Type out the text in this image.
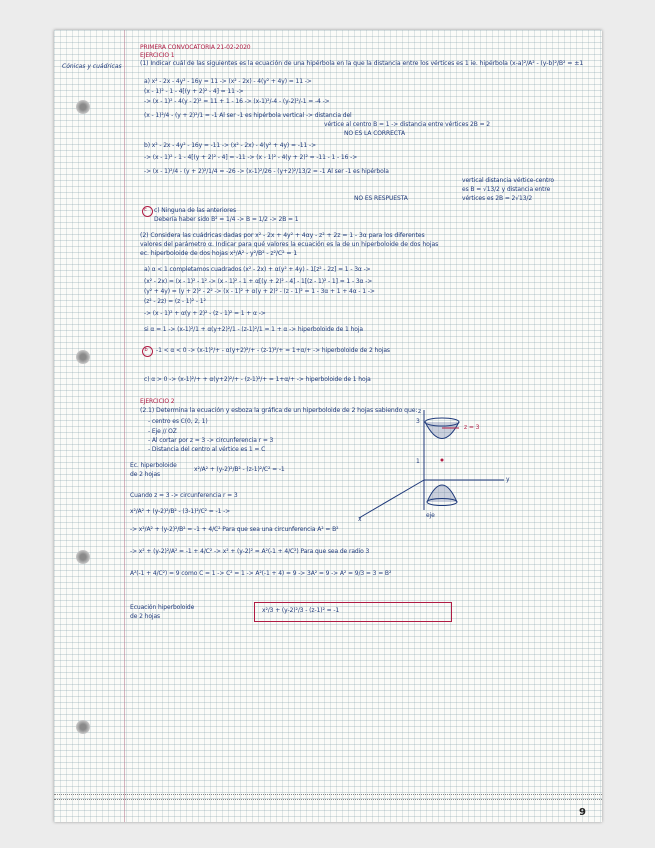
Cónicas y cuádricas
PRIMERA CONVOCATORIA 21-02-2020
EJERCICIO 1
(1) Indicar cuál de las siguientes es la ecuación de una hipérbola en la que la distancia entre los vértices es 1 ie. hipérbola (x-a)²/A² - (y-b)²/B² = ±1
a) x² - 2x - 4y² - 16y = 11 -> (x² - 2x) - 4(y² + 4y) = 11 ->
(x - 1)² - 1 - 4[(y + 2)² - 4] = 11 ->
-> (x - 1)² - 4(y - 2)² = 11 + 1 - 16 -> (x-1)²/-4 - (y-2)²/-1 = -4 ->
(x - 1)²/4 - (y + 2)²/1 = -1 Al ser -1 es hipérbola vertical -> distancia del
vértice al centro B = 1 -> distancia entre vértices 2B = 2
NO ES LA CORRECTA
b) x² - 2x - 4y² - 16y = -11 -> (x² - 2x) - 4(y² + 4y) = -11 ->
-> (x - 1)² - 1 - 4[(y + 2)² - 4] = -11 -> (x - 1)² - 4(y + 2)² = -11 - 1 - 16 ->
-> (x - 1)²/4 - (y + 2)²/1/4 = -26 -> (x-1)²/26 - (y+2)²/13/2 = -1 Al ser -1 es hipérbola
vertical distancia vértice-centro
es B = √13/2 y distancia entre
NO ES RESPUESTA	vértices es 2B = 2√13/2
c c) Ninguna de las anteriores
Debería haber sido B² = 1/4 -> B = 1/2 -> 2B = 1
(2) Considera las cuádricas dadas por x² - 2x + 4y² + 4αy - z² + 2z = 1 - 3α para los diferentes
valores del parámetro α. Indicar para qué valores la ecuación es la de un hiperboloide de dos hojas
ec. hiperboloide de dos hojas x²/A² - y²/B² - z²/C² = 1
a) α < 1 completamos cuadrados (x² - 2x) + α(y² + 4y) - 1[z² - 2z] = 1 - 3α ->
(x² - 2x) = (x - 1)² - 1² -> (x - 1)² - 1 + α[(y + 2)² - 4] - 1[(z - 1)² - 1] = 1 - 3α ->
(y² + 4y) = (y + 2)² - 2² -> (x - 1)² + α(y + 2)² - (z - 1)² = 1 - 3α + 1 + 4α - 1 ->
(z² - 2z) = (z - 1)² - 1²
-> (x - 1)² + α(y + 2)² - (z - 1)² = 1 + α ->
si α = 1 -> (x-1)²/1 + α(y+2)²/1 - (z-1)²/1 = 1 + α -> hiperboloide de 1 hoja
b -1 < α < 0 -> (x-1)²/+ - α(y+2)²/+ - (z-1)²/+ = 1+α/+ -> hiperboloide de 2 hojas
c) α > 0 -> (x-1)²/+ + α(y+2)²/+ - (z-1)²/+ = 1+α/+ -> hiperboloide de 1 hoja
EJERCICIO 2
(2.1) Determina la ecuación y esboza la gráfica de un hiperboloide de 2 hojas sabiendo que:
- centro es C(0, 2, 1)
- Eje // OZ
- Al cortar por z = 3 -> circunferencia r = 3
- Distancia del centro al vértice es 1 = C
Ec. hiperboloide
de 2 hojas
x²/A² + (y-2)²/B² - (z-1)²/C² = -1
Cuando z = 3 -> circunferencia r = 3
x²/A² + (y-2)²/B² - (3-1)²/C² = -1 ->
-> x²/A² + (y-2)²/B² = -1 + 4/C² Para que sea una circunferencia A² = B²
-> x² + (y-2)²/A² = -1 + 4/C² -> x² + (y-2)² = A²(-1 + 4/C²) Para que sea de radio 3
A²(-1 + 4/C²) = 9 como C = 1 -> C² = 1 -> A²(-1 + 4) = 9 -> 3A² = 9 -> A² = 9/3 = 3 = B²
Ecuación hiperboloide
de 2 hojas
x²/3 + (y-2)²/3 - (z-1)² = -1
z = 3
z
y
x
3
1
eje
9
